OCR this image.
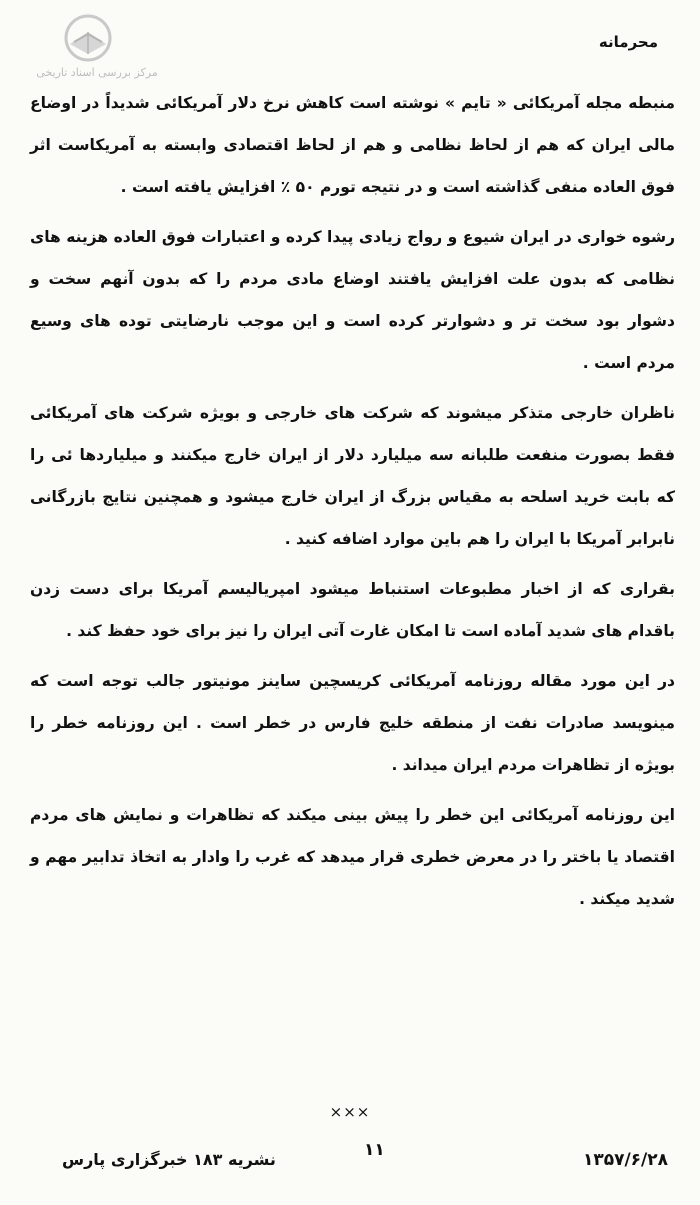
مرکز بررسی اسناد تاریخی
محرمانه

منبطه مجله آمریکائی « تایم » نوشته است کاهش نرخ دلار آمریکائی شدیداً در اوضاع مالی ایران که هم از لحاظ نظامی و هم از لحاظ اقتصادی وابسته به آمریکاست اثر فوق العاده منفی گذاشته است و در نتیجه تورم ۵۰ ٪ افزایش یافته است .

رشوه خواری در ایران شیوع و رواج زیادی پیدا کرده و اعتبارات فوق العاده هزینه های نظامی که بدون علت افزایش یافتند اوضاع مادی مردم را که بدون آنهم سخت و دشوار بود سخت تر و دشوارتر کرده است و این موجب نارضایتی توده های وسیع مردم است .

ناظران خارجی متذکر میشوند که شرکت های خارجی و بویژه شرکت های آمریکائی فقط بصورت منفعت طلبانه سه میلیارد دلار از ایران خارج میکنند و میلیاردها ئی را که بابت خرید اسلحه به مقیاس بزرگ از ایران خارج میشود و همچنین نتایج بازرگانی نابرابر آمریکا با ایران را هم باین موارد اضافه کنید .

بقراری که از اخبار مطبوعات استنباط میشود امپریالیسم آمریکا برای دست زدن باقدام های شدید آماده است تا امکان غارت آتی ایران را نیز برای خود حفظ کند .

در این مورد مقاله روزنامه آمریکائی کریسچین ساینز مونیتور جالب توجه است که مینویسد صادرات نفت از منطقه خلیج فارس در خطر است . این روزنامه خطر را بویژه از تظاهرات مردم ایران میداند .

این روزنامه آمریکائی این خطر را پیش بینی میکند که تظاهرات و نمایش های مردم اقتصاد یا باختر را در معرض خطری قرار میدهد که غرب را وادار به اتخاذ تدابیر مهم و شدید میکند .

×××
نشریه ۱۸۳ خبرگزاری پارس	۱۱	۱۳۵۷/۶/۲۸
